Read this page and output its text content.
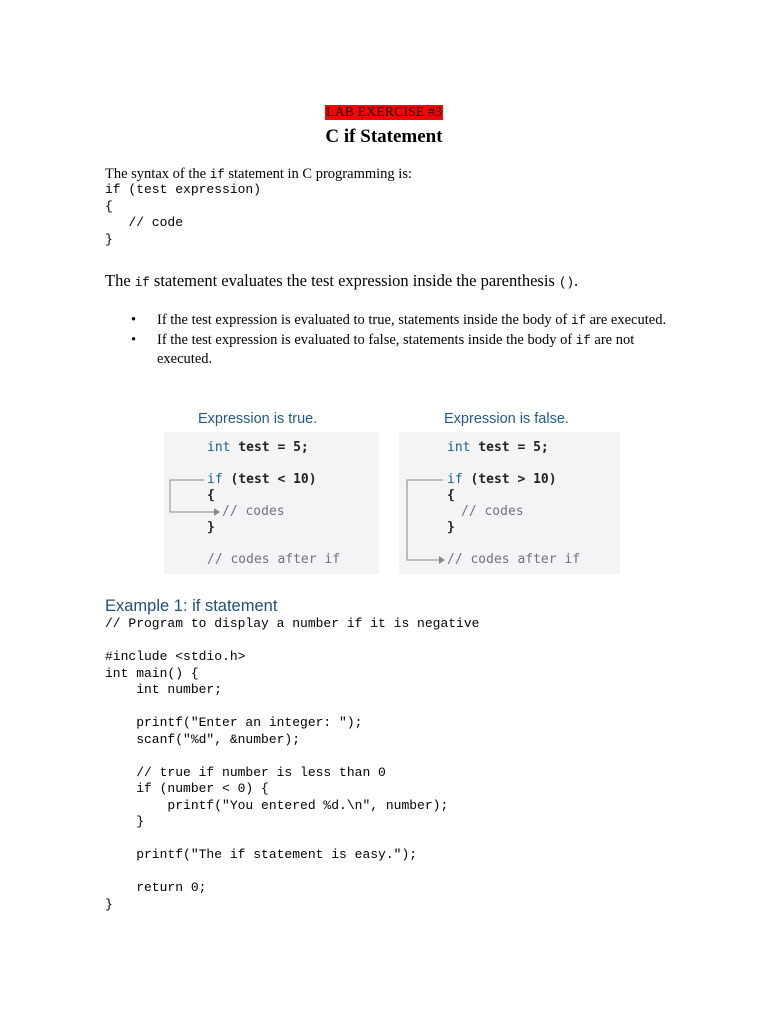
LAB EXERCISE #3
C if Statement
The syntax of the if statement in C programming is:
if (test expression)
{
// code
}
The if statement evaluates the test expression inside the parenthesis ().
• If the test expression is evaluated to true, statements inside the body of if are executed.
• If the test expression is evaluated to false, statements inside the body of if are not executed.
Expression is true.
int test = 5;
if (test < 10)
{
// codes
}
// codes after if
Expression is false.
int test = 5;
if (test > 10)
{
// codes
}
// codes after if
Example 1: if statement
// Program to display a number if it is negative

#include <stdio.h>
int main() {
int number;

printf("Enter an integer: ");
scanf("%d", &number);

// true if number is less than 0
if (number < 0) {
printf("You entered %d.\n", number);
}

printf("The if statement is easy.");

return 0;
}
